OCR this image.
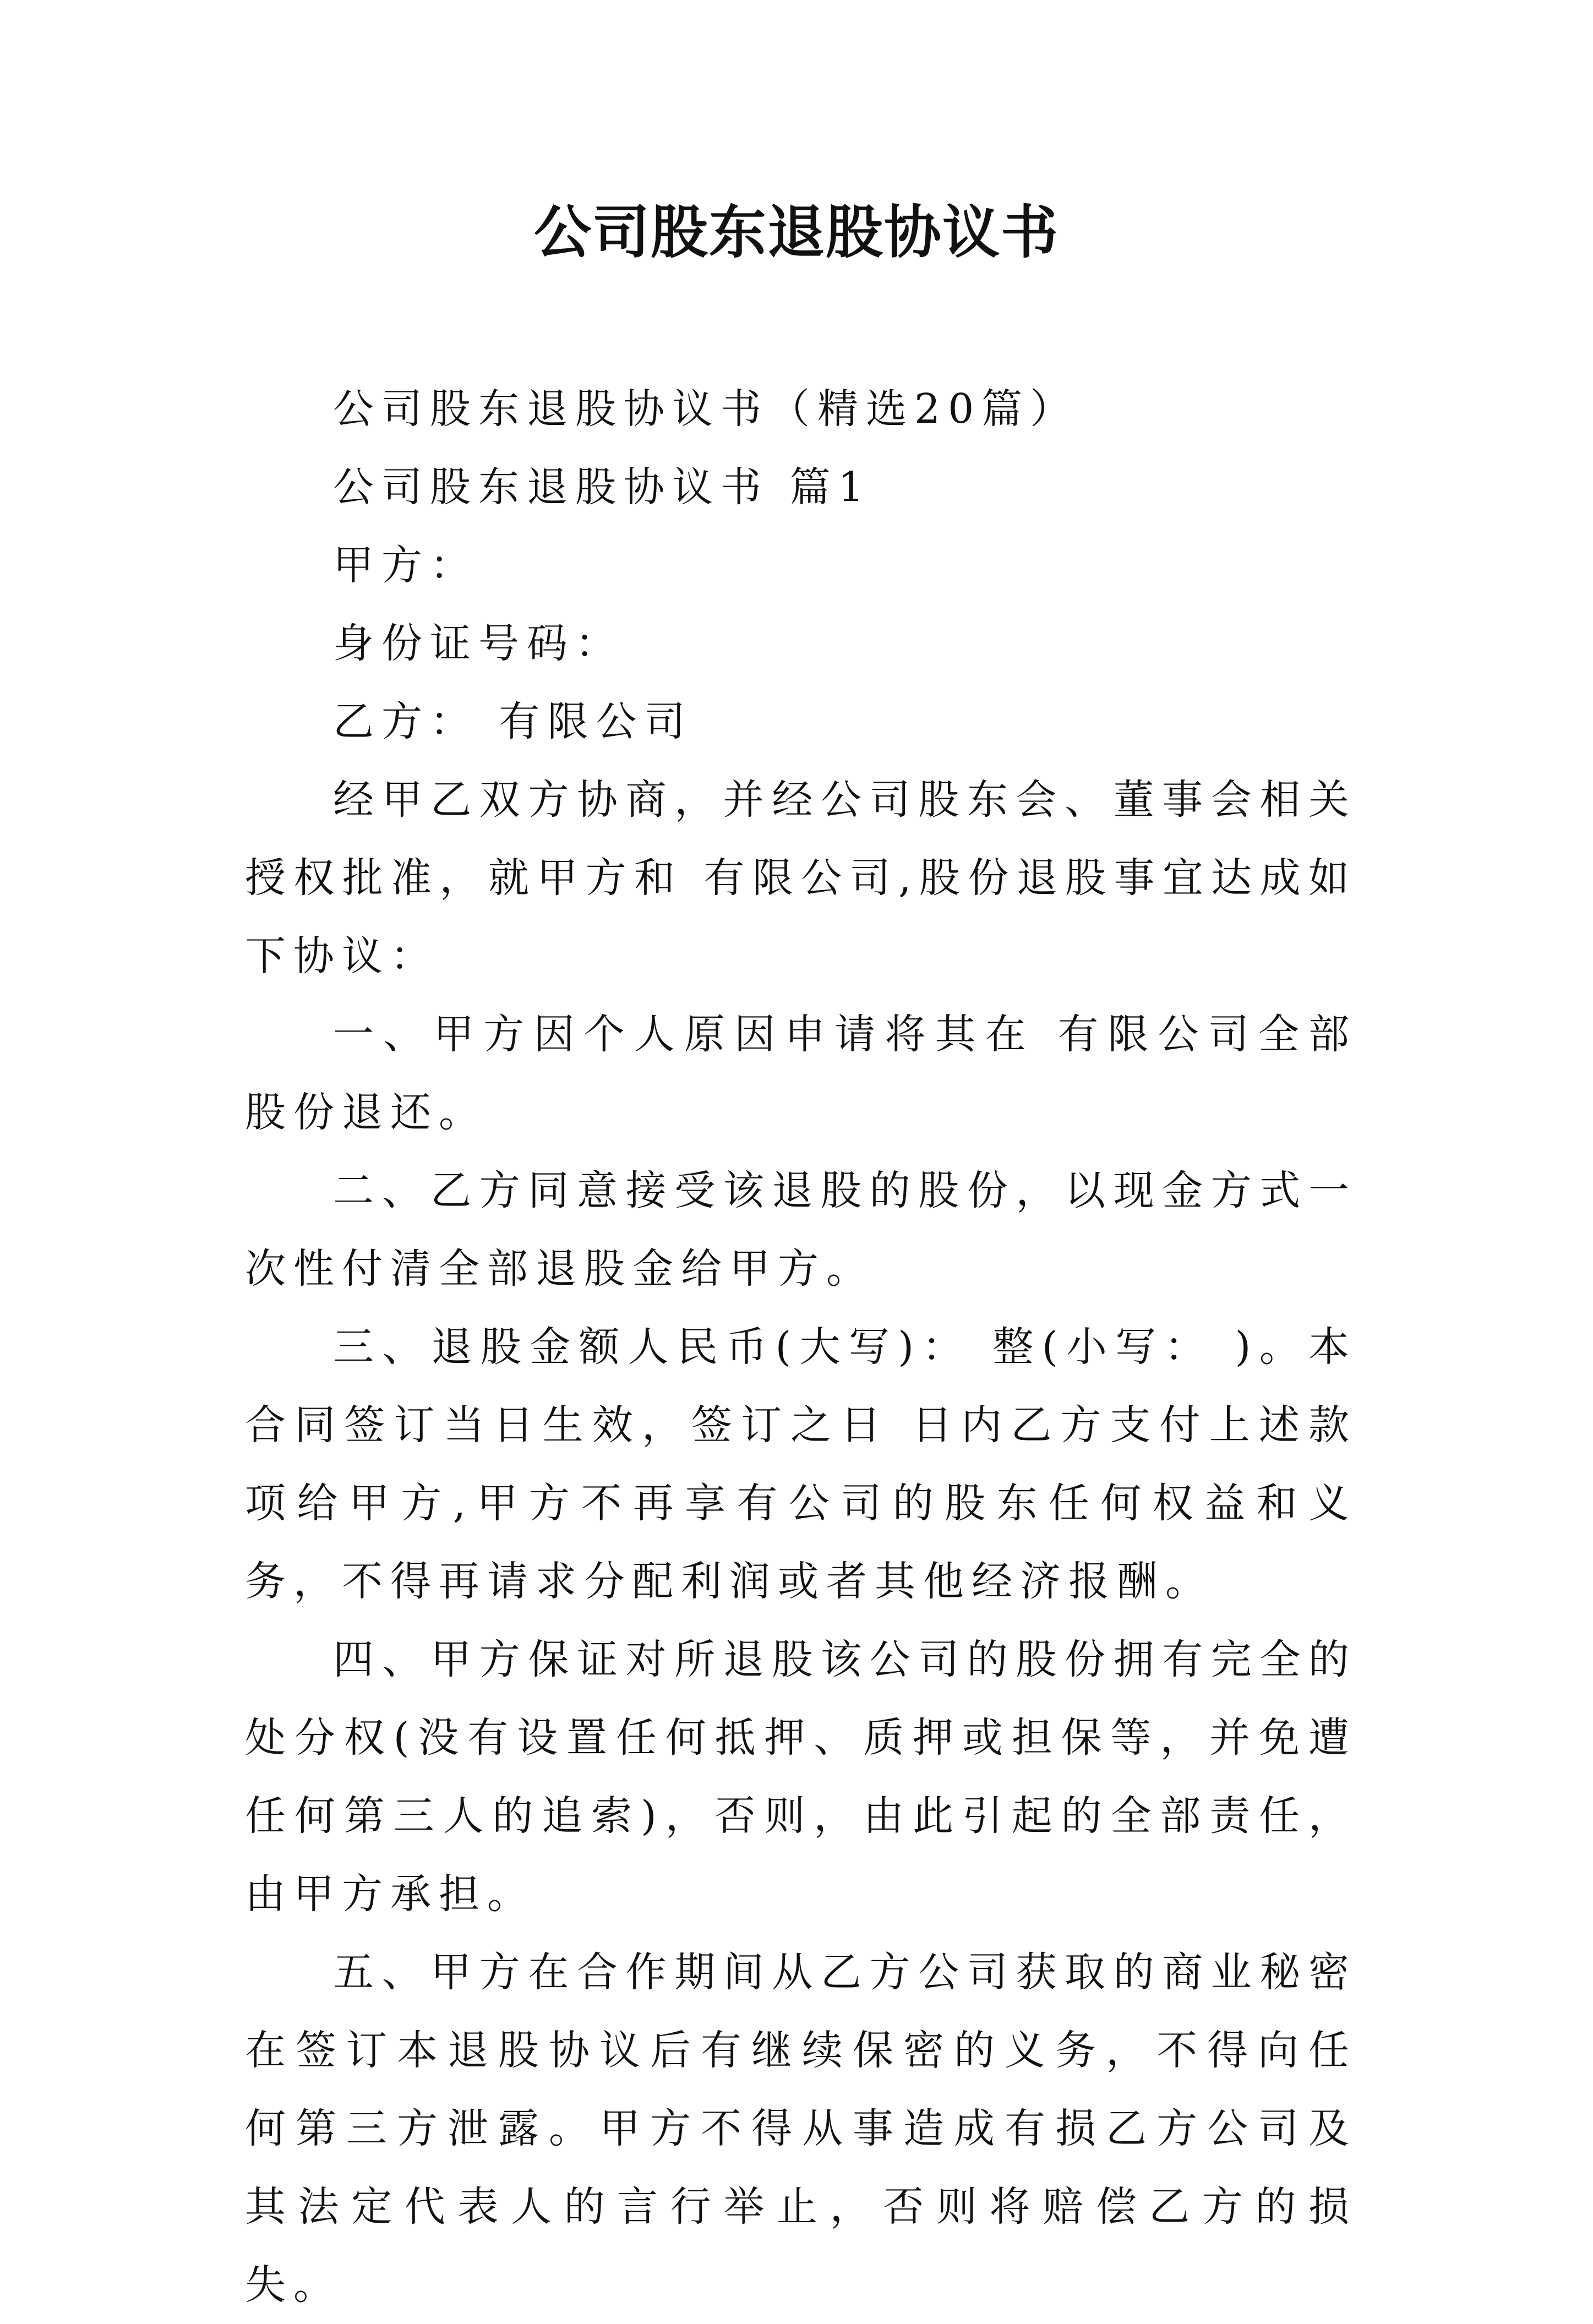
公司股东退股协议书

公司股东退股协议书（精选20篇）

公司股东退股协议书 篇1

甲方：

身份证号码：

乙方： 有限公司

经甲乙双方协商，并经公司股东会、董事会相关授权批准，就甲方和 有限公司,股份退股事宜达成如下协议：

一、甲方因个人原因申请将其在 有限公司全部股份退还。

二、乙方同意接受该退股的股份，以现金方式一次性付清全部退股金给甲方。

三、退股金额人民币(大写)： 整(小写： )。本合同签订当日生效，签订之日 日内乙方支付上述款项给甲方,甲方不再享有公司的股东任何权益和义务，不得再请求分配利润或者其他经济报酬。

四、甲方保证对所退股该公司的股份拥有完全的处分权(没有设置任何抵押、质押或担保等，并免遭任何第三人的追索)，否则，由此引起的全部责任，由甲方承担。

五、甲方在合作期间从乙方公司获取的商业秘密在签订本退股协议后有继续保密的义务，不得向任何第三方泄露。甲方不得从事造成有损乙方公司及其法定代表人的言行举止，否则将赔偿乙方的损失。
